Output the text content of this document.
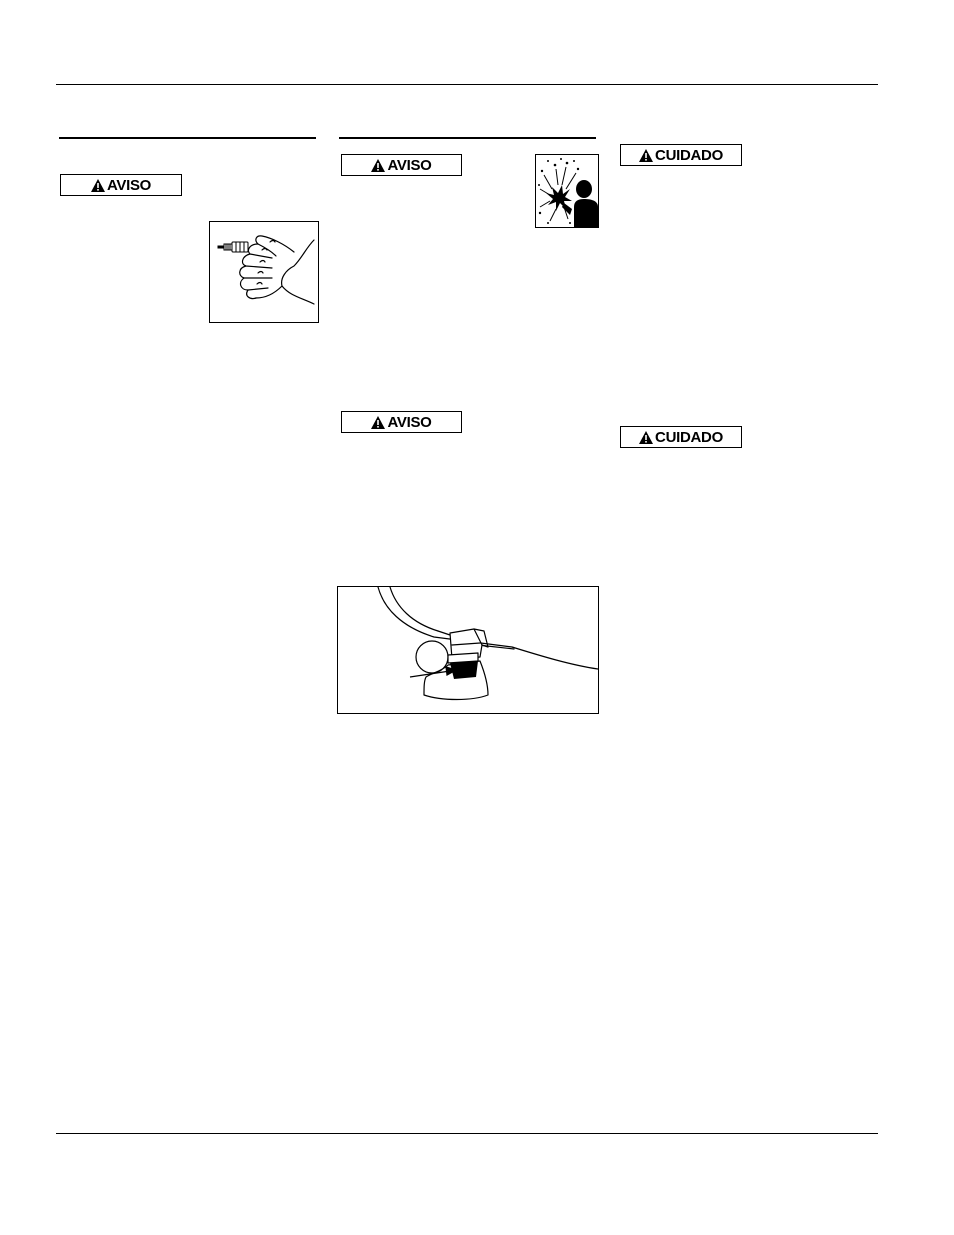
AVISO
AVISO
AVISO
CUIDADO
CUIDADO
